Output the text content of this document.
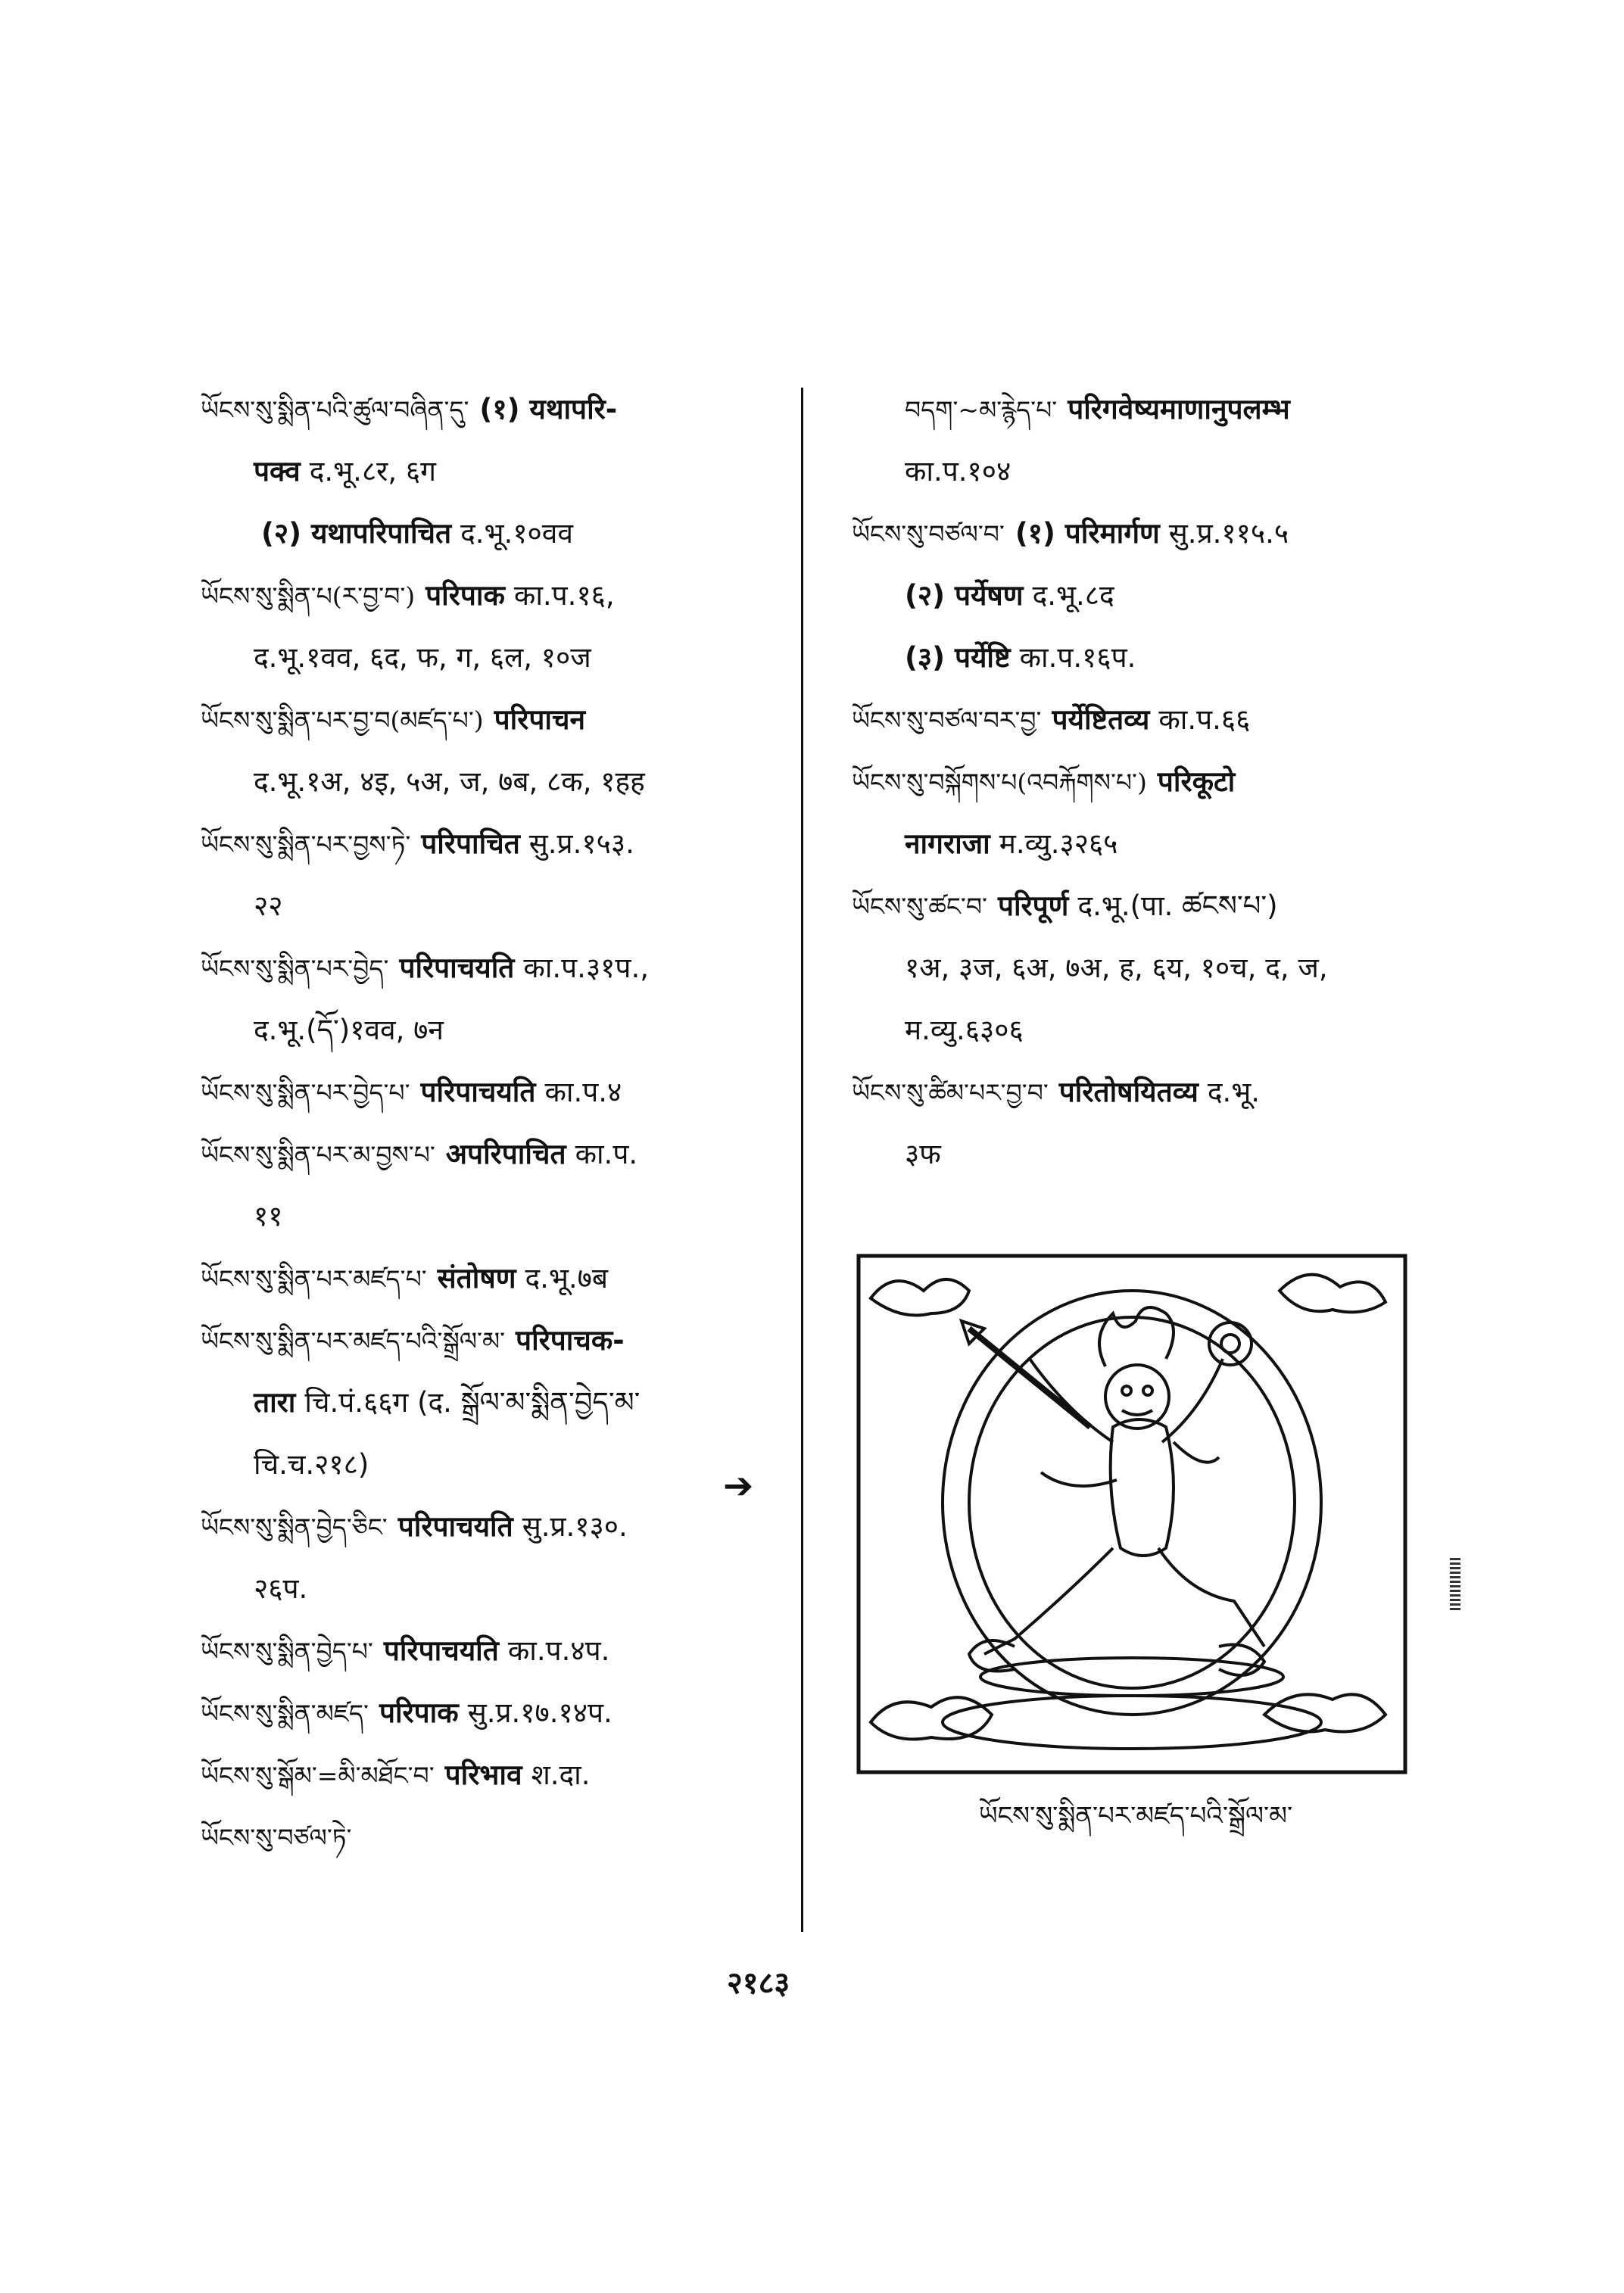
ཡོངས་སུ་སྨིན་པའི་ཚུལ་བཞིན་དུ་ (१) यथापरि-
पक्व द.भू.८र, ६ग
(२) यथापरिपाचित द.भू.१०वव
ཡོངས་སུ་སྨིན་པ(ར་བྱ་བ་) परिपाक का.प.१६,
द.भू.१वव, ६द, फ, ग, ६ल, १०ज
ཡོངས་སུ་སྨིན་པར་བྱ་བ(མཛད་པ་) परिपाचन
द.भू.१अ, ४इ, ५अ, ज, ७ब, ८क, १हह
ཡོངས་སུ་སྨིན་པར་བྱས་ཏེ་ परिपाचित सु.प्र.१५३.
२२
ཡོངས་སུ་སྨིན་པར་བྱེད་ परिपाचयति का.प.३१प.,
द.भू.(དོ་)१वव, ७न
ཡོངས་སུ་སྨིན་པར་བྱེད་པ་ परिपाचयति का.प.४
ཡོངས་སུ་སྨིན་པར་མ་བྱས་པ་ अपरिपाचित का.प.
११
ཡོངས་སུ་སྨིན་པར་མཛད་པ་ संतोषण द.भू.७ब
ཡོངས་སུ་སྨིན་པར་མཛད་པའི་སྒྲོལ་མ་ परिपाचक-
तारा चि.पं.६६ग (द. སྒྲོལ་མ་སྨིན་བྱེད་མ་
चि.च.२१८)
ཡོངས་སུ་སྨིན་བྱེད་ཅིང་ परिपाचयति सु.प्र.१३०.
२६प.
ཡོངས་སུ་སྨིན་བྱེད་པ་ परिपाचयति का.प.४प.
ཡོངས་སུ་སྨིན་མཛད་ परिपाक सु.प्र.१७.१४प.
ཡོངས་སུ་སྒོམ་=མི་མཐོང་བ་ परिभाव श.दा.
ཡོངས་སུ་བཙལ་ཏེ་
བདག་~མ་རྙེད་པ་ परिगवेष्यमाणानुपलम्भ
का.प.१०४
ཡོངས་སུ་བཙལ་བ་ (१) परिमार्गण सु.प्र.११५.५
(२) पर्येषण द.भू.८द
(३) पर्येष्टि का.प.१६प.
ཡོངས་སུ་བཙལ་བར་བྱ་ पर्येष्टितव्य का.प.६६
ཡོངས་སུ་བསྐོགས་པ(འབརྐོགས་པ་) परिकूटो
नागराजा म.व्यु.३२६५
ཡོངས་སུ་ཚང་བ་ परिपूर्ण द.भू.(पा. ཚངས་པ་)
१अ, ३ज, ६अ, ७अ, ह, ६य, १०च, द, ज,
म.व्यु.६३०६
ཡོངས་སུ་ཚིམ་པར་བྱ་བ་ परितोषयितव्य द.भू.
३फ
➔
ཡོངས་སུ་སྨིན་པར་མཛད་པའི་སྒྲོལ་མ་
२१८३
